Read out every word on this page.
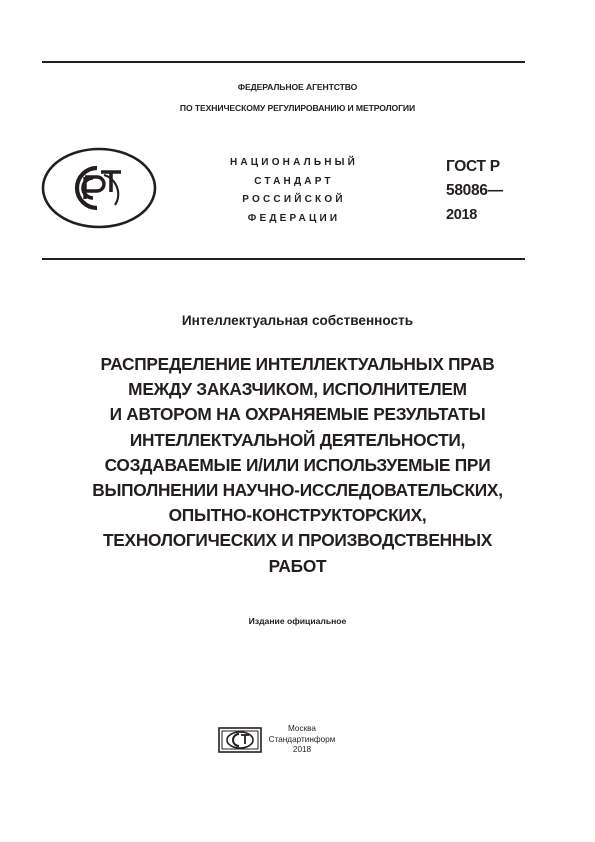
ФЕДЕРАЛЬНОЕ АГЕНТСТВО
ПО ТЕХНИЧЕСКОМУ РЕГУЛИРОВАНИЮ И МЕТРОЛОГИИ
НАЦИОНАЛЬНЫЙ
СТАНДАРТ
РОССИЙСКОЙ
ФЕДЕРАЦИИ
ГОСТ Р
58086—
2018
Интеллектуальная собственность
РАСПРЕДЕЛЕНИЕ ИНТЕЛЛЕКТУАЛЬНЫХ ПРАВ
МЕЖДУ ЗАКАЗЧИКОМ, ИСПОЛНИТЕЛЕМ
И АВТОРОМ НА ОХРАНЯЕМЫЕ РЕЗУЛЬТАТЫ
ИНТЕЛЛЕКТУАЛЬНОЙ ДЕЯТЕЛЬНОСТИ,
СОЗДАВАЕМЫЕ И/ИЛИ ИСПОЛЬЗУЕМЫЕ ПРИ
ВЫПОЛНЕНИИ НАУЧНО-ИССЛЕДОВАТЕЛЬСКИХ,
ОПЫТНО-КОНСТРУКТОРСКИХ,
ТЕХНОЛОГИЧЕСКИХ И ПРОИЗВОДСТВЕННЫХ
РАБОТ
Издание официальное
Москва
Стандартинформ
2018
